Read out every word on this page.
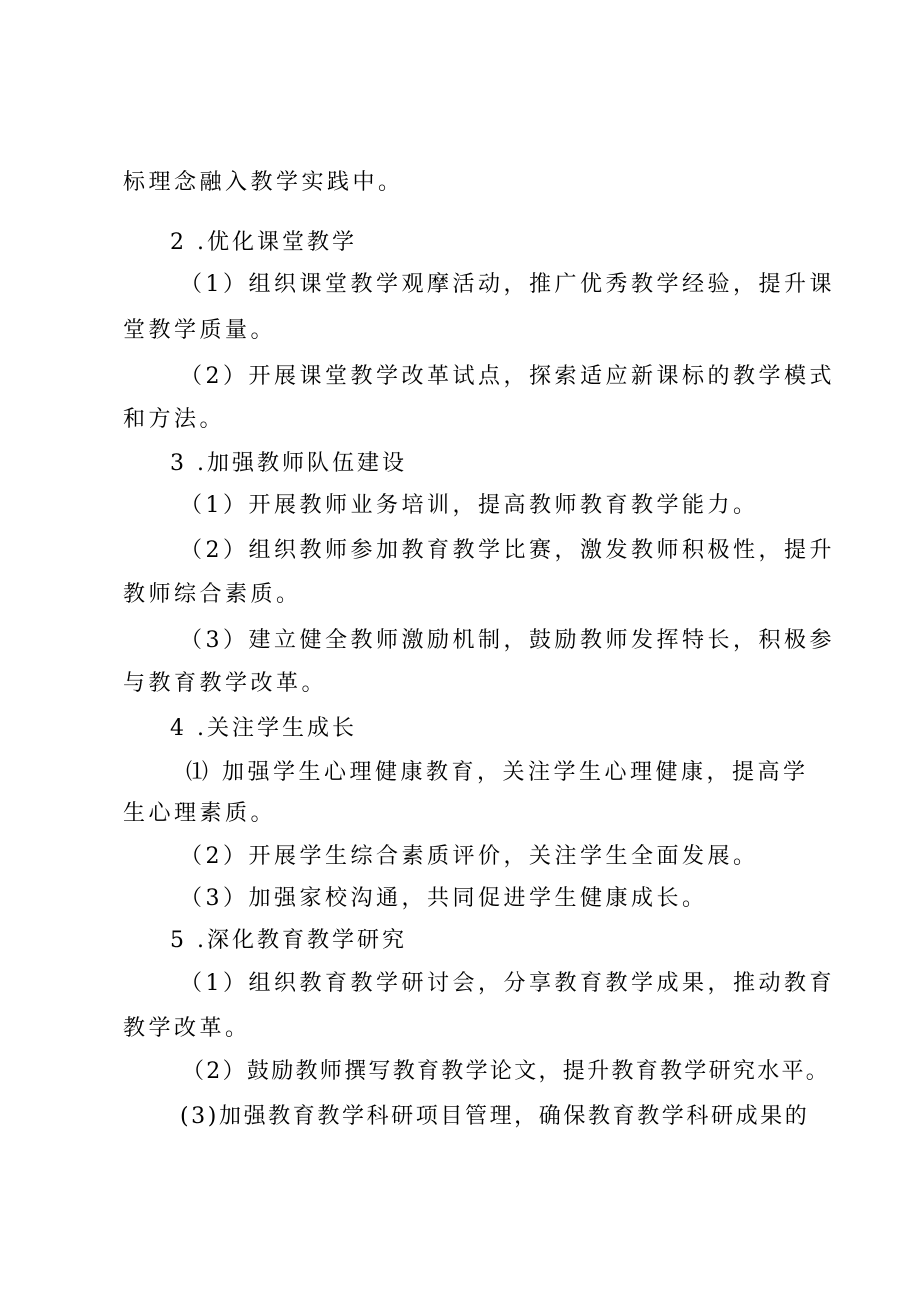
标理念融入教学实践中。
2 .优化课堂教学
（1）组织课堂教学观摩活动，推广优秀教学经验，提升课
堂教学质量。
（2）开展课堂教学改革试点，探索适应新课标的教学模式
和方法。
3 .加强教师队伍建设
（1）开展教师业务培训，提高教师教育教学能力。
（2）组织教师参加教育教学比赛，激发教师积极性，提升
教师综合素质。
（3）建立健全教师激励机制，鼓励教师发挥特长，积极参
与教育教学改革。
4 .关注学生成长
⑴ 加强学生心理健康教育，关注学生心理健康，提高学
生心理素质。
（2）开展学生综合素质评价，关注学生全面发展。
（3）加强家校沟通，共同促进学生健康成长。
5 .深化教育教学研究
（1）组织教育教学研讨会，分享教育教学成果，推动教育
教学改革。
（2）鼓励教师撰写教育教学论文，提升教育教学研究水平。
(3)加强教育教学科研项目管理，确保教育教学科研成果的
